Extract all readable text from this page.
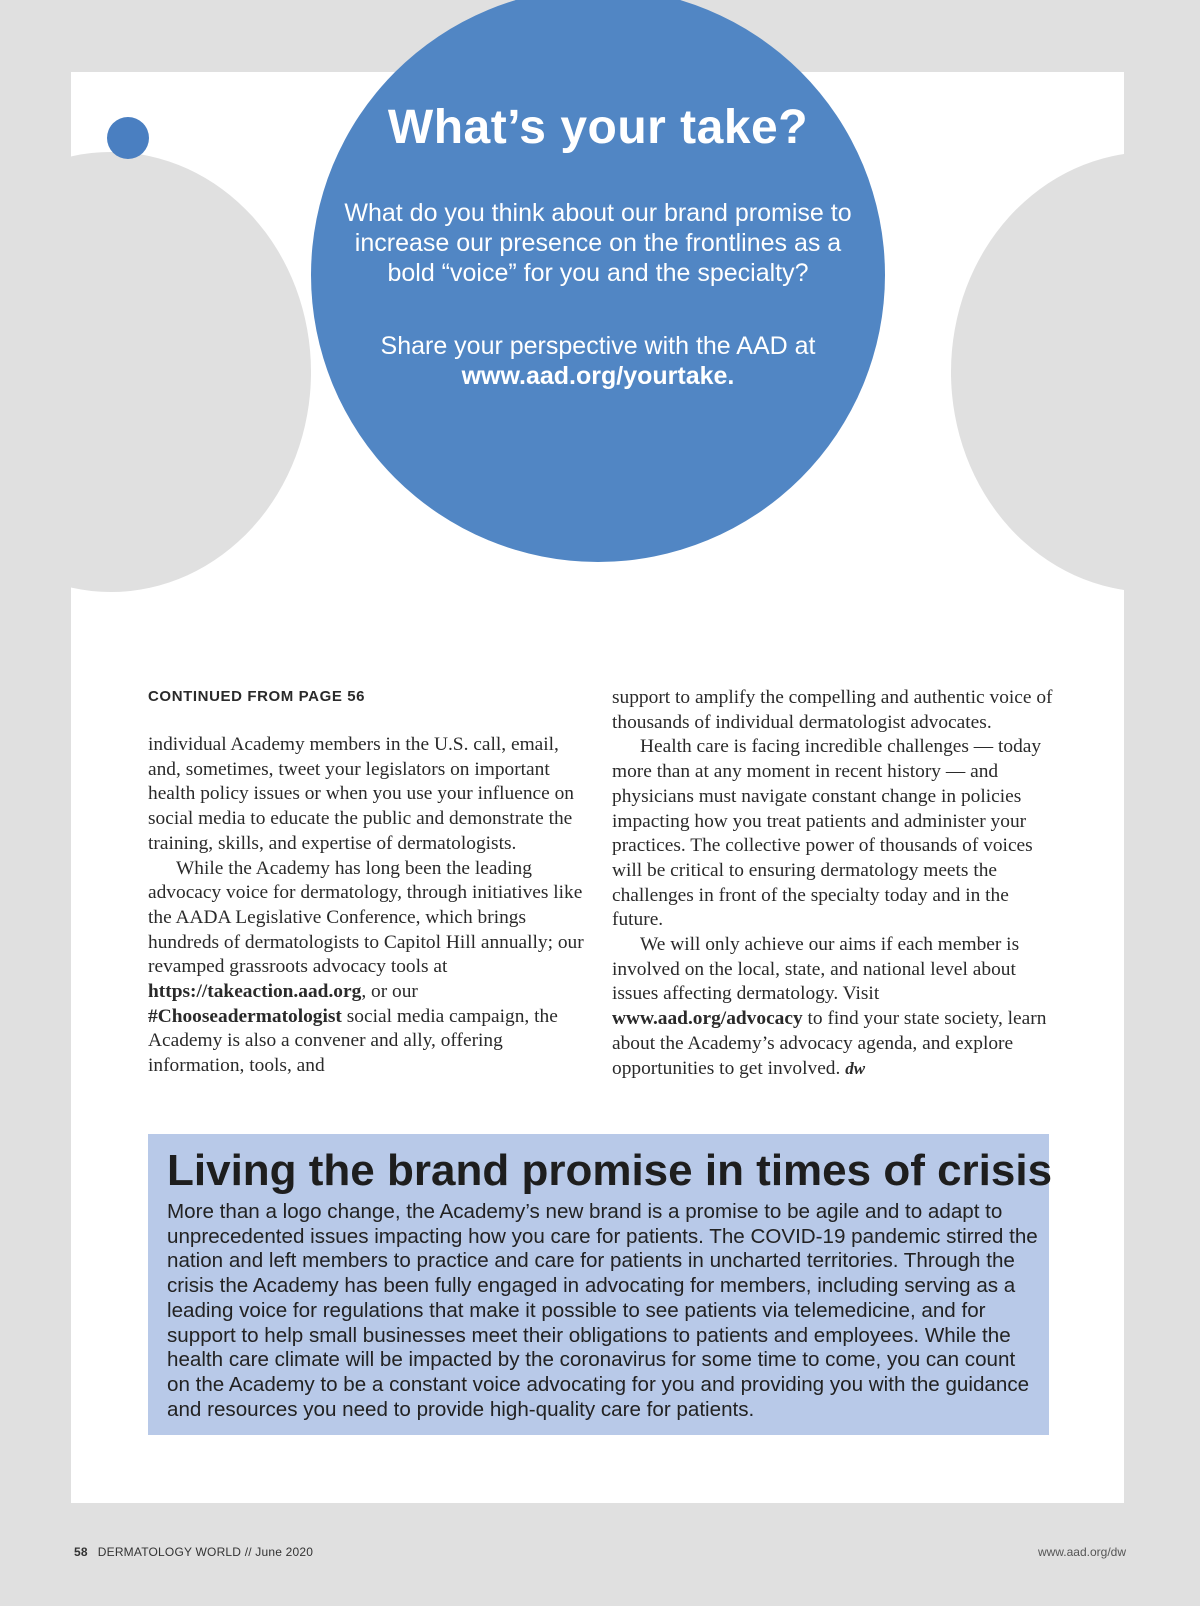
What’s your take?
What do you think about our brand promise to increase our presence on the frontlines as a bold “voice” for you and the specialty?
Share your perspective with the AAD at
www.aad.org/yourtake.
CONTINUED FROM PAGE 56

individual Academy members in the U.S. call, email, and, sometimes, tweet your legislators on important health policy issues or when you use your influence on social media to educate the public and demonstrate the training, skills, and expertise of dermatologists.

While the Academy has long been the leading advocacy voice for dermatology, through initiatives like the AADA Legislative Conference, which brings hundreds of dermatologists to Capitol Hill annually; our revamped grassroots advocacy tools at https://takeaction.aad.org, or our #Chooseadermatologist social media campaign, the Academy is also a convener and ally, offering information, tools, and

support to amplify the compelling and authentic voice of thousands of individual dermatologist advocates.

Health care is facing incredible challenges — today more than at any moment in recent history — and physicians must navigate constant change in policies impacting how you treat patients and administer your practices. The collective power of thousands of voices will be critical to ensuring dermatology meets the challenges in front of the specialty today and in the future.

We will only achieve our aims if each member is involved on the local, state, and national level about issues affecting dermatology. Visit www.aad.org/advocacy to find your state society, learn about the Academy’s advocacy agenda, and explore opportunities to get involved. dw

Living the brand promise in times of crisis

More than a logo change, the Academy’s new brand is a promise to be agile and to adapt to unprecedented issues impacting how you care for patients. The COVID-19 pandemic stirred the nation and left members to practice and care for patients in uncharted territories. Through the crisis the Academy has been fully engaged in advocating for members, including serving as a leading voice for regulations that make it possible to see patients via telemedicine, and for support to help small businesses meet their obligations to patients and employees. While the health care climate will be impacted by the coronavirus for some time to come, you can count on the Academy to be a constant voice advocating for you and providing you with the guidance and resources you need to provide high-quality care for patients.

58 DERMATOLOGY WORLD // June 2020	www.aad.org/dw
